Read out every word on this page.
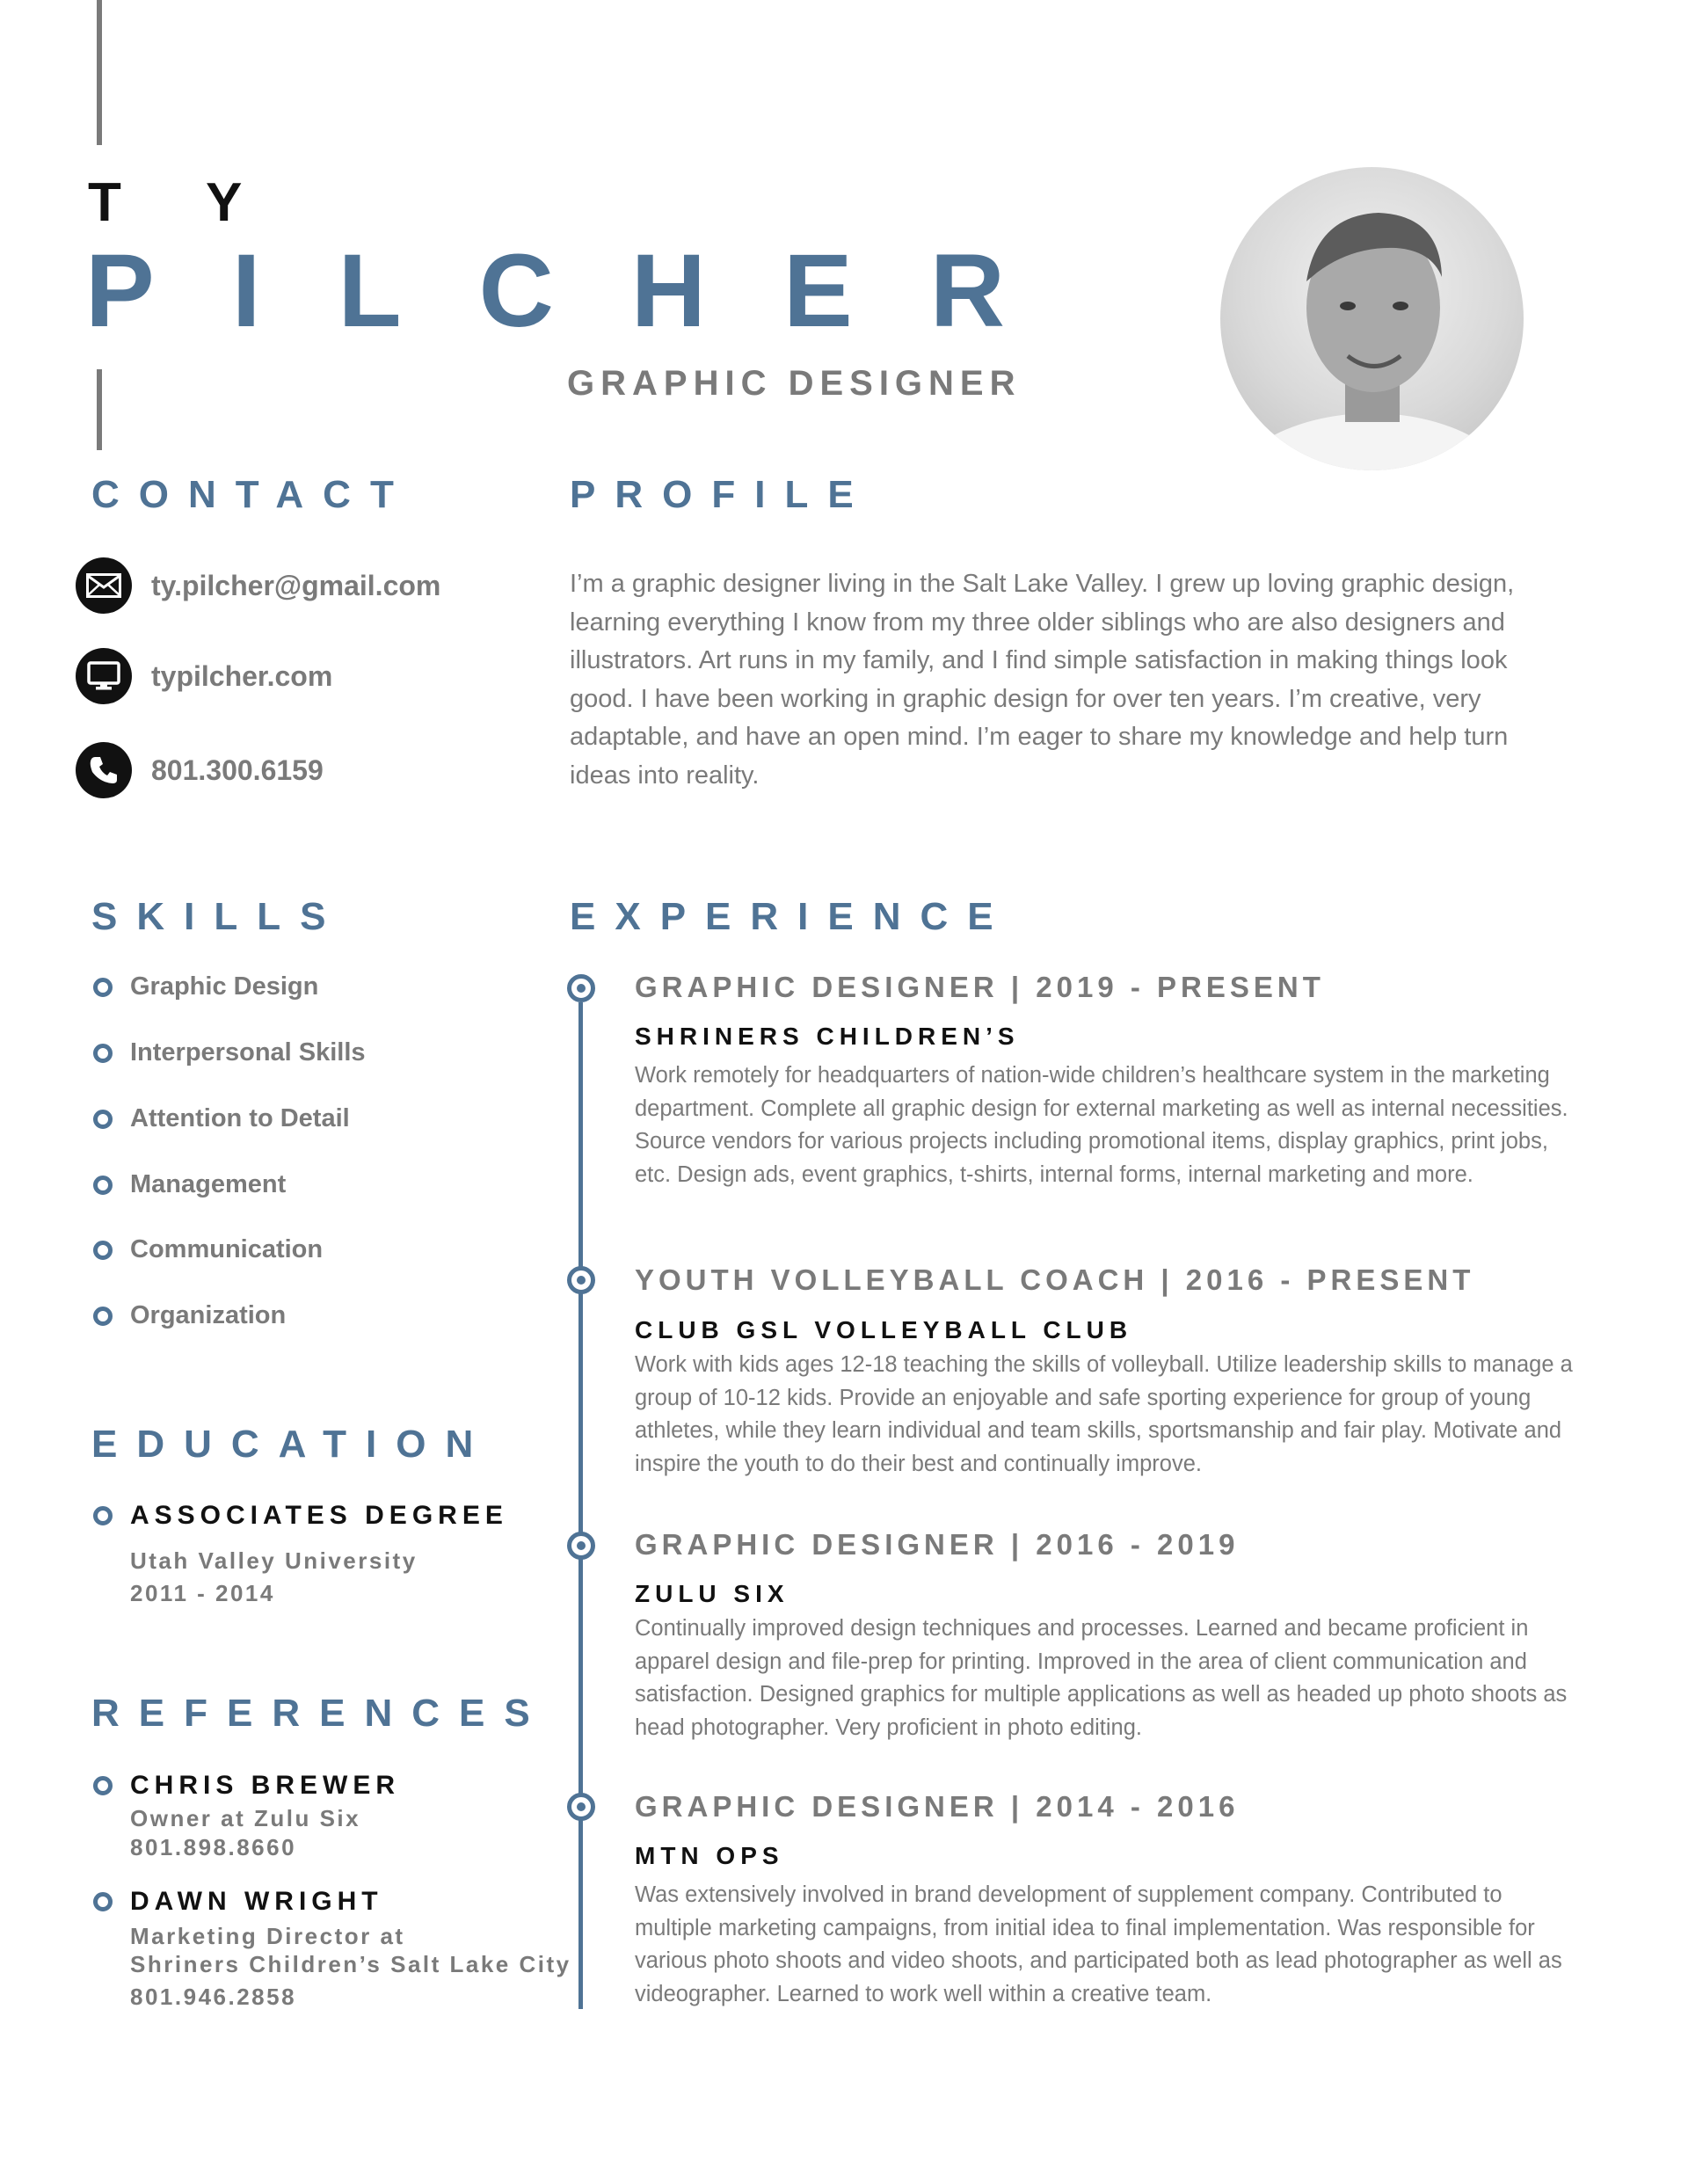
T Y
PILCHER
GRAPHIC DESIGNER
CONTACT
ty.pilcher@gmail.com
typilcher.com
801.300.6159
PROFILE

I’m a graphic designer living in the Salt Lake Valley. I grew up loving graphic design, learning everything I know from my three older siblings who are also designers and illustrators. Art runs in my family, and I find simple satisfaction in making things look good. I have been working in graphic design for over ten years. I’m creative, very adaptable, and have an open mind. I’m eager to share my knowledge and help turn ideas into reality.

SKILLS
Graphic Design
Interpersonal Skills
Attention to Detail
Management
Communication
Organization
EDUCATION
ASSOCIATES DEGREE
Utah Valley University
2011 - 2014
REFERENCES
CHRIS BREWER
Owner at Zulu Six
801.898.8660
DAWN WRIGHT
Marketing Director at
Shriners Children’s Salt Lake City
801.946.2858
EXPERIENCE
GRAPHIC DESIGNER | 2019 - PRESENT
SHRINERS CHILDREN’S
Work remotely for headquarters of nation-wide children’s healthcare system in the marketing department. Complete all graphic design for external marketing as well as internal necessities. Source vendors for various projects including promotional items, display graphics, print jobs, etc. Design ads, event graphics, t-shirts, internal forms, internal marketing and more.
YOUTH VOLLEYBALL COACH | 2016 - PRESENT
CLUB GSL VOLLEYBALL CLUB
Work with kids ages 12-18 teaching the skills of volleyball. Utilize leadership skills to manage a group of 10-12 kids. Provide an enjoyable and safe sporting experience for group of young athletes, while they learn individual and team skills, sportsmanship and fair play. Motivate and inspire the youth to do their best and continually improve.
GRAPHIC DESIGNER | 2016 - 2019
ZULU SIX
Continually improved design techniques and processes. Learned and became proficient in apparel design and file-prep for printing. Improved in the area of client communication and satisfaction. Designed graphics for multiple applications as well as headed up photo shoots as head photographer. Very proficient in photo editing.
GRAPHIC DESIGNER | 2014 - 2016
MTN OPS
Was extensively involved in brand development of supplement company. Contributed to multiple marketing campaigns, from initial idea to final implementation. Was responsible for various photo shoots and video shoots, and participated both as lead photographer as well as videographer. Learned to work well within a creative team.
